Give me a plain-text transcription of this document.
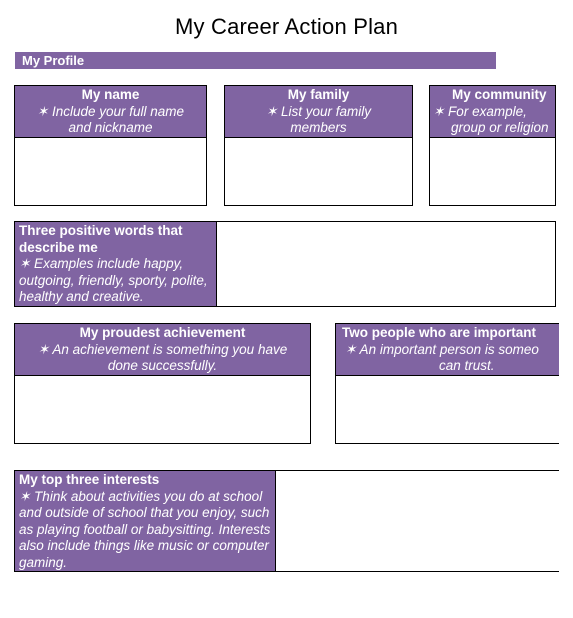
My Career Action Plan
My Profile
My name
✶ Include your full name and nickname
My family
✶ List your family members
My community
✶ For example,
group or religion
Three positive words that describe me
✶ Examples include happy, outgoing, friendly, sporty, polite, healthy and creative.
My proudest achievement
✶ An achievement is something you have done successfully.
Two people who are important
✶ An important person is someo
can trust.
My top three interests
✶ Think about activities you do at school and outside of school that you enjoy, such as playing football or babysitting. Interests also include things like music or computer gaming.
